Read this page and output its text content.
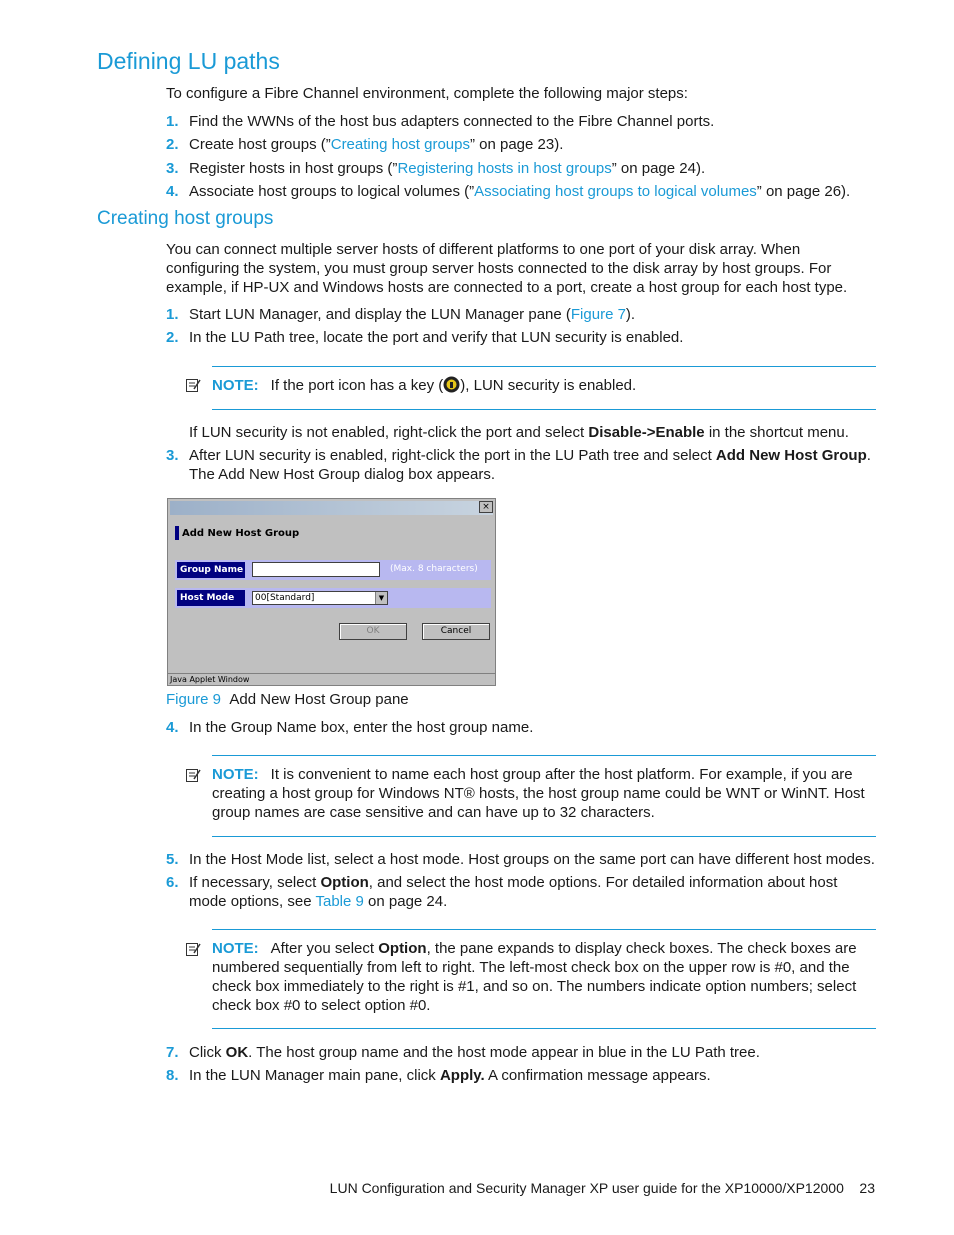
Defining LU paths

To configure a Fibre Channel environment, complete the following major steps:

1. Find the WWNs of the host bus adapters connected to the Fibre Channel ports.
2. Create host groups (”Creating host groups” on page 23).
3. Register hosts in host groups (”Registering hosts in host groups” on page 24).
4. Associate host groups to logical volumes (”Associating host groups to logical volumes” on page 26).
Creating host groups

You can connect multiple server hosts of different platforms to one port of your disk array. When configuring the system, you must group server hosts connected to the disk array by host groups. For example, if HP-UX and Windows hosts are connected to a port, create a host group for each host type.

1. Start LUN Manager, and display the LUN Manager pane (Figure 7).
2. In the LU Path tree, locate the port and verify that LUN security is enabled.
NOTE: If the port icon has a key ( ), LUN security is enabled.
If LUN security is not enabled, right-click the port and select Disable->Enable in the shortcut menu.
3. After LUN security is enabled, right-click the port in the LU Path tree and select Add New Host Group. The Add New Host Group dialog box appears.
×
Add New Host Group
Group Name	(Max. 8 characters)
Host Mode	00[Standard]	▼
OK	Cancel
Java Applet Window
Figure 9 Add New Host Group pane
4. In the Group Name box, enter the host group name.
NOTE: It is convenient to name each host group after the host platform. For example, if you are creating a host group for Windows NT® hosts, the host group name could be WNT or WinNT. Host group names are case sensitive and can have up to 32 characters.
5. In the Host Mode list, select a host mode. Host groups on the same port can have different host modes.
6. If necessary, select Option, and select the host mode options. For detailed information about host mode options, see Table 9 on page 24.
NOTE: After you select Option, the pane expands to display check boxes. The check boxes are numbered sequentially from left to right. The left-most check box on the upper row is #0, and the check box immediately to the right is #1, and so on. The numbers indicate option numbers; select check box #0 to select option #0.
7. Click OK. The host group name and the host mode appear in blue in the LU Path tree.
8. In the LUN Manager main pane, click Apply. A confirmation message appears.
LUN Configuration and Security Manager XP user guide for the XP10000/XP12000 23
